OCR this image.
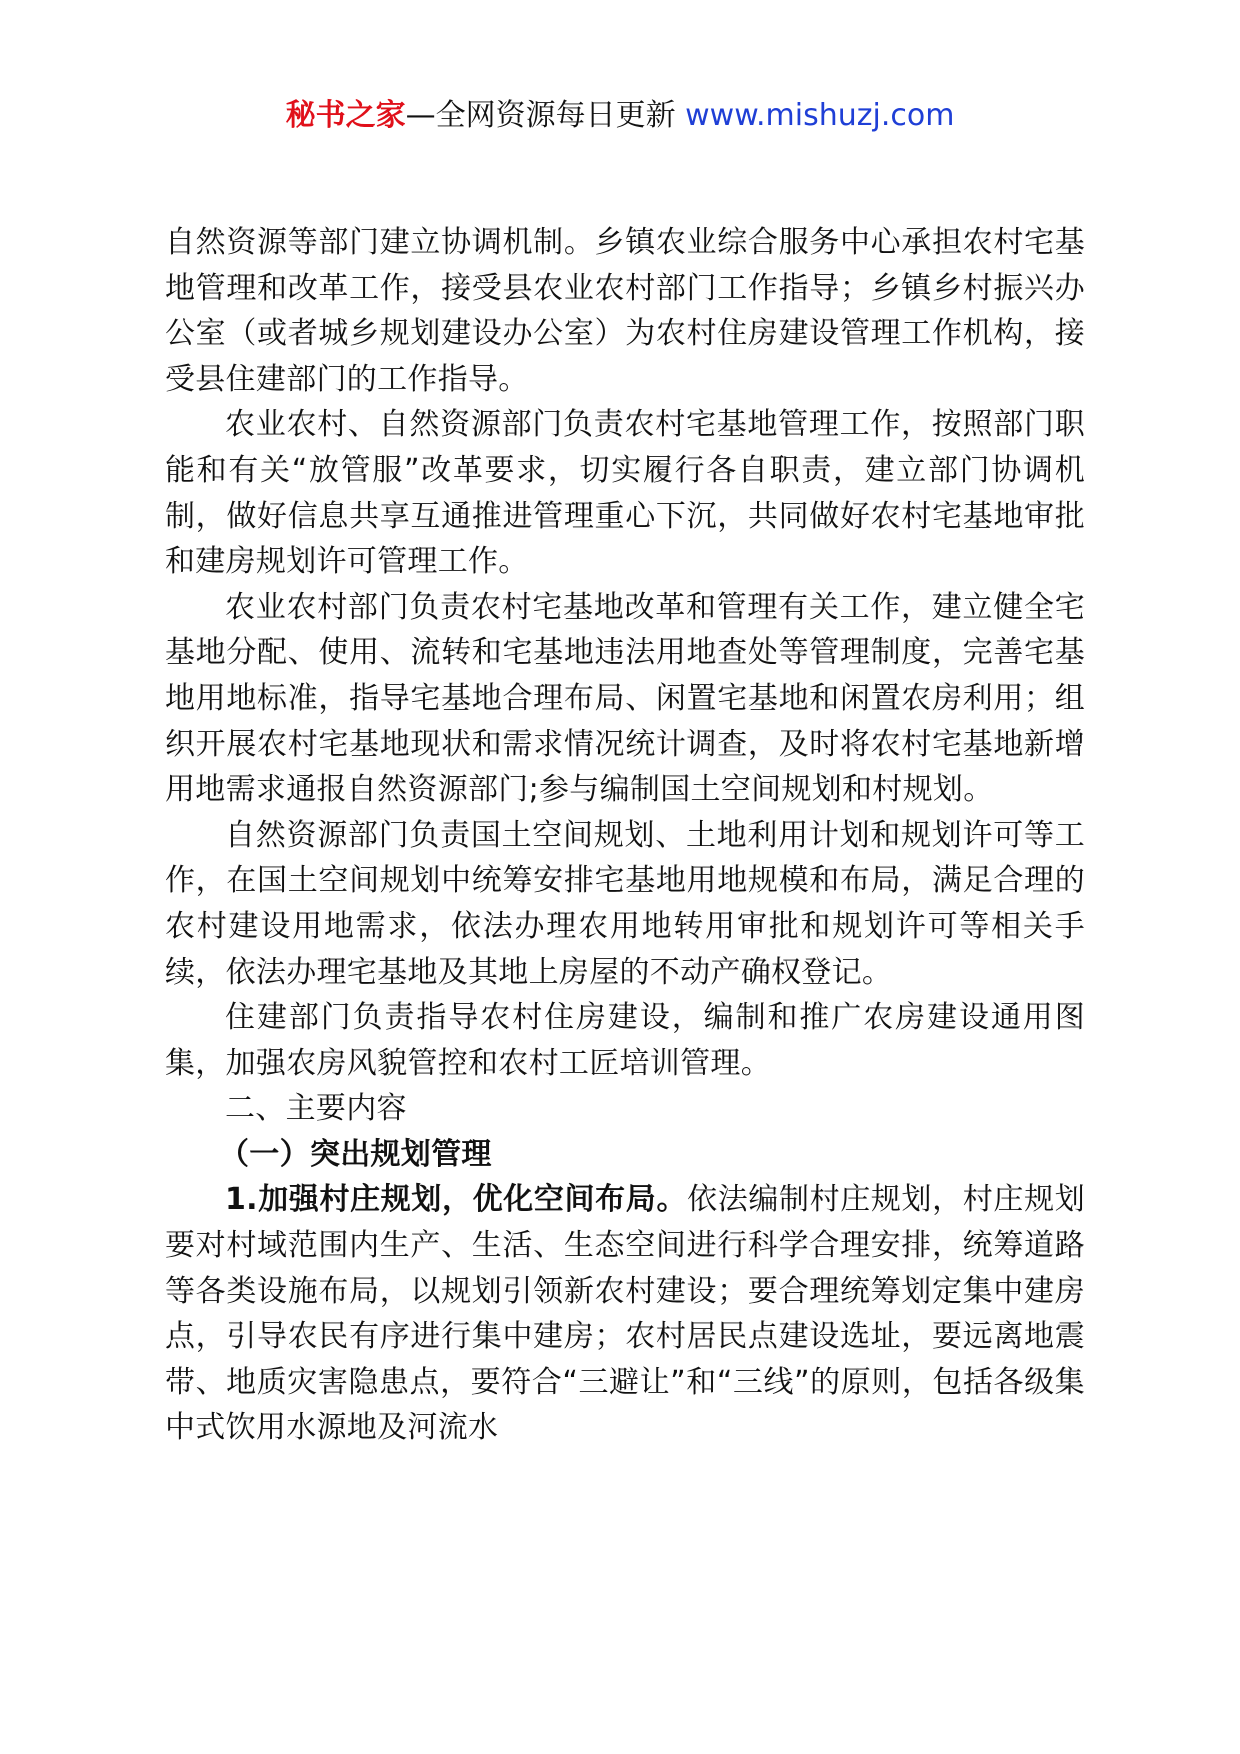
秘书之家—全网资源每日更新 www.mishuzj.com

自然资源等部门建立协调机制。乡镇农业综合服务中心承担农村宅基地管理和改革工作，接受县农业农村部门工作指导；乡镇乡村振兴办公室（或者城乡规划建设办公室）为农村住房建设管理工作机构，接受县住建部门的工作指导。

农业农村、自然资源部门负责农村宅基地管理工作，按照部门职能和有关“放管服”改革要求，切实履行各自职责，建立部门协调机制，做好信息共享互通推进管理重心下沉，共同做好农村宅基地审批和建房规划许可管理工作。

农业农村部门负责农村宅基地改革和管理有关工作，建立健全宅基地分配、使用、流转和宅基地违法用地查处等管理制度，完善宅基地用地标准，指导宅基地合理布局、闲置宅基地和闲置农房利用；组织开展农村宅基地现状和需求情况统计调查，及时将农村宅基地新增用地需求通报自然资源部门;参与编制国土空间规划和村规划。

自然资源部门负责国土空间规划、土地利用计划和规划许可等工作，在国土空间规划中统筹安排宅基地用地规模和布局，满足合理的农村建设用地需求，依法办理农用地转用审批和规划许可等相关手续，依法办理宅基地及其地上房屋的不动产确权登记。

住建部门负责指导农村住房建设，编制和推广农房建设通用图集，加强农房风貌管控和农村工匠培训管理。

二、主要内容

（一）突出规划管理

1.加强村庄规划，优化空间布局。依法编制村庄规划，村庄规划要对村域范围内生产、生活、生态空间进行科学合理安排，统筹道路等各类设施布局，以规划引领新农村建设；要合理统筹划定集中建房点，引导农民有序进行集中建房；农村居民点建设选址，要远离地震带、地质灾害隐患点，要符合“三避让”和“三线”的原则，包括各级集中式饮用水源地及河流水
